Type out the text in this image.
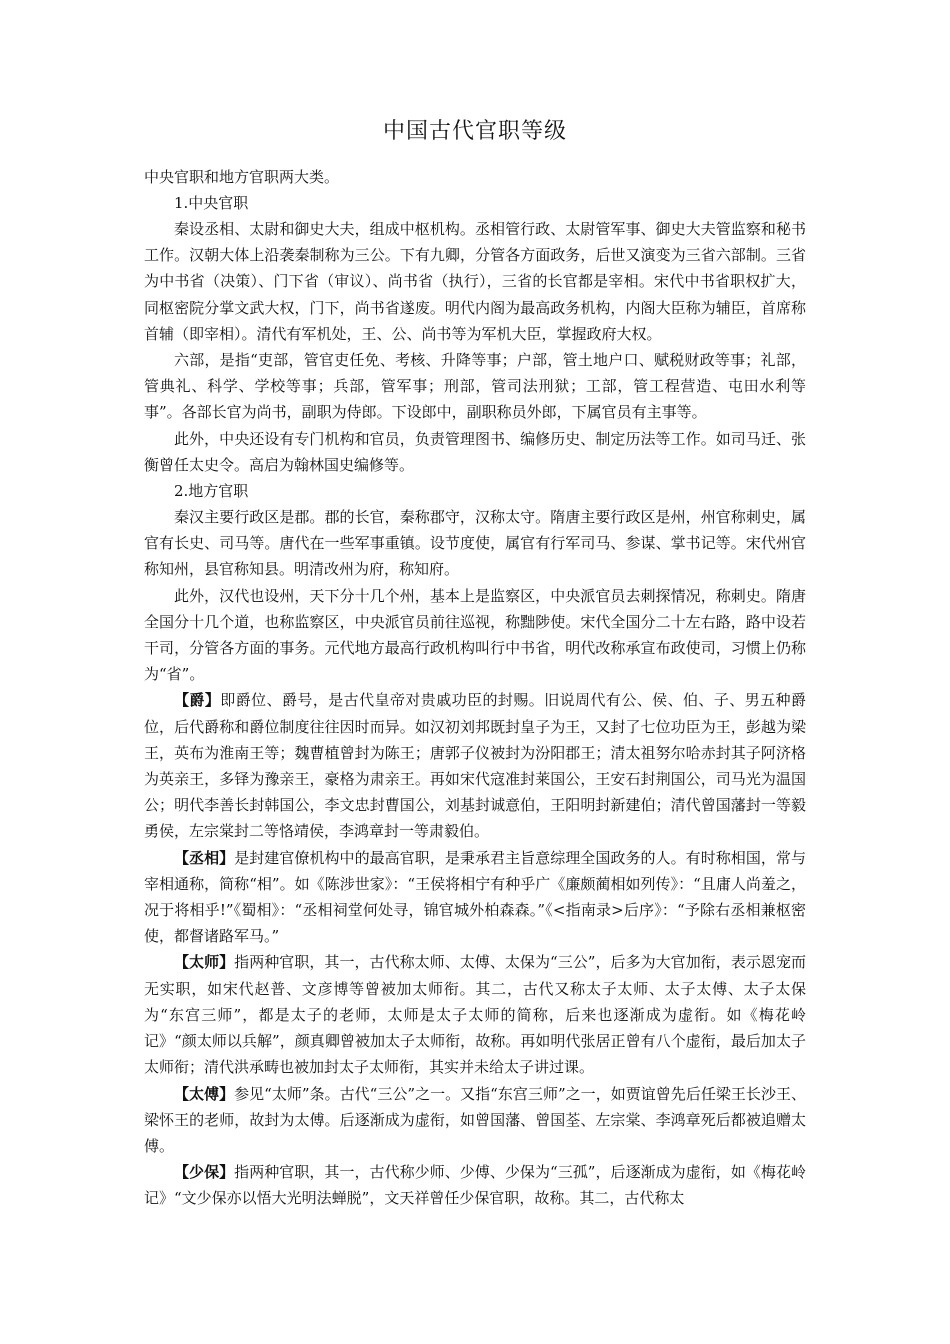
中国古代官职等级

中央官职和地方官职两大类。

1.中央官职

秦设丞相、太尉和御史大夫，组成中枢机构。丞相管行政、太尉管军事、御史大夫管监察和秘书工作。汉朝大体上沿袭秦制称为三公。下有九卿，分管各方面政务，后世又演变为三省六部制。三省为中书省（决策）、门下省（审议）、尚书省（执行），三省的长官都是宰相。宋代中书省职权扩大，同枢密院分掌文武大权，门下，尚书省遂废。明代内阁为最高政务机构，内阁大臣称为辅臣，首席称首辅（即宰相）。清代有军机处，王、公、尚书等为军机大臣，掌握政府大权。

六部，是指“吏部，管官吏任免、考核、升降等事；户部，管土地户口、赋税财政等事；礼部，管典礼、科学、学校等事；兵部，管军事；刑部，管司法刑狱；工部，管工程营造、屯田水利等事”。各部长官为尚书，副职为侍郎。下设郎中，副职称员外郎，下属官员有主事等。

此外，中央还设有专门机构和官员，负责管理图书、编修历史、制定历法等工作。如司马迁、张衡曾任太史令。高启为翰林国史编修等。

2.地方官职

秦汉主要行政区是郡。郡的长官，秦称郡守，汉称太守。隋唐主要行政区是州，州官称刺史，属官有长史、司马等。唐代在一些军事重镇。设节度使，属官有行军司马、参谋、掌书记等。宋代州官称知州，县官称知县。明清改州为府，称知府。

此外，汉代也设州，天下分十几个州，基本上是监察区，中央派官员去刺探情况，称刺史。隋唐全国分十几个道，也称监察区，中央派官员前往巡视，称黜陟使。宋代全国分二十左右路，路中设若干司，分管各方面的事务。元代地方最高行政机构叫行中书省，明代改称承宣布政使司，习惯上仍称为“省”。

【爵】即爵位、爵号，是古代皇帝对贵戚功臣的封赐。旧说周代有公、侯、伯、子、男五种爵位，后代爵称和爵位制度往往因时而异。如汉初刘邦既封皇子为王，又封了七位功臣为王，彭越为梁王，英布为淮南王等；魏曹植曾封为陈王；唐郭子仪被封为汾阳郡王；清太祖努尔哈赤封其子阿济格为英亲王，多铎为豫亲王，豪格为肃亲王。再如宋代寇准封莱国公，王安石封荆国公，司马光为温国公；明代李善长封韩国公，李文忠封曹国公，刘基封诚意伯，王阳明封新建伯；清代曾国藩封一等毅勇侯，左宗棠封二等恪靖侯，李鸿章封一等肃毅伯。

【丞相】是封建官僚机构中的最高官职，是秉承君主旨意综理全国政务的人。有时称相国，常与宰相通称，简称“相”。如《陈涉世家》：“王侯将相宁有种乎广《廉颇蔺相如列传》：“且庸人尚羞之，况于将相乎!”《蜀相》：“丞相祠堂何处寻，锦官城外柏森森。”《<指南录>后序》：“予除右丞相兼枢密使，都督诸路军马。”

【太师】指两种官职，其一，古代称太师、太傅、太保为“三公”，后多为大官加衔，表示恩宠而无实职，如宋代赵普、文彦博等曾被加太师衔。其二，古代又称太子太师、太子太傅、太子太保为“东宫三师”，都是太子的老师，太师是太子太师的简称，后来也逐渐成为虚衔。如《梅花岭记》“颜太师以兵解”，颜真卿曾被加太子太师衔，故称。再如明代张居正曾有八个虚衔，最后加太子太师衔；清代洪承畴也被加封太子太师衔，其实并未给太子讲过课。

【太傅】参见“太师”条。古代“三公”之一。又指“东宫三师”之一，如贾谊曾先后任梁王长沙王、梁怀王的老师，故封为太傅。后逐渐成为虚衔，如曾国藩、曾国荃、左宗棠、李鸿章死后都被追赠太傅。

【少保】指两种官职，其一，古代称少师、少傅、少保为“三孤”，后逐渐成为虚衔，如《梅花岭记》“文少保亦以悟大光明法蝉脱”，文天祥曾任少保官职，故称。其二，古代称太
